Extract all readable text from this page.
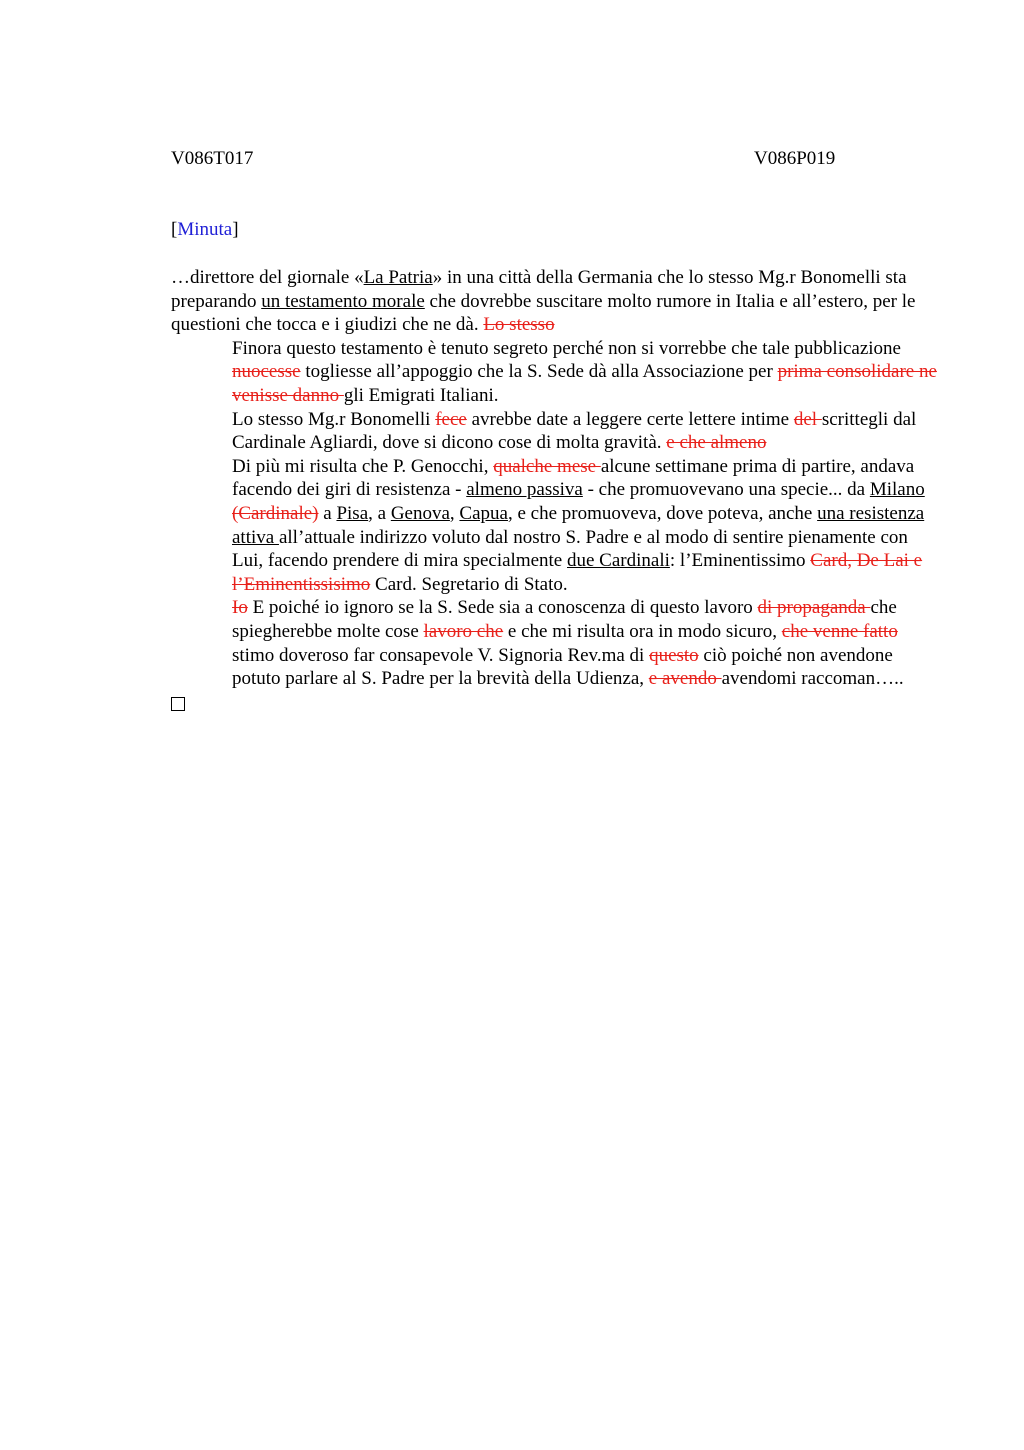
V086T017	V086P019
[Minuta]

…direttore del giornale «La Patria» in una città della Germania che lo stesso Mg.r Bonomelli sta preparando un testamento morale che dovrebbe suscitare molto rumore in Italia e all’estero, per le questioni che tocca e i giudizi che ne dà. Lo stesso

Finora questo testamento è tenuto segreto perché non si vorrebbe che tale pubblicazione nuocesse togliesse all’appoggio che la S. Sede dà alla Associazione per prima consolidare ne venisse danno gli Emigrati Italiani.

Lo stesso Mg.r Bonomelli fece avrebbe date a leggere certe lettere intime del scrittegli dal Cardinale Agliardi, dove si dicono cose di molta gravità. e che almeno

Di più mi risulta che P. Genocchi, qualche mese alcune settimane prima di partire, andava facendo dei giri di resistenza - almeno passiva - che promuovevano una specie... da Milano (Cardinale) a Pisa, a Genova, Capua, e che promuoveva, dove poteva, anche una resistenza attiva all’attuale indirizzo voluto dal nostro S. Padre e al modo di sentire pienamente con Lui, facendo prendere di mira specialmente due Cardinali: l’Eminentissimo Card, De Lai e l’Eminentissisimo Card. Segretario di Stato.

Io E poiché io ignoro se la S. Sede sia a conoscenza di questo lavoro di propaganda che spiegherebbe molte cose lavoro che e che mi risulta ora in modo sicuro, che venne fatto stimo doveroso far consapevole V. Signoria Rev.ma di questo ciò poiché non avendone potuto parlare al S. Padre per la brevità della Udienza, e avendo avendomi raccoman…..
